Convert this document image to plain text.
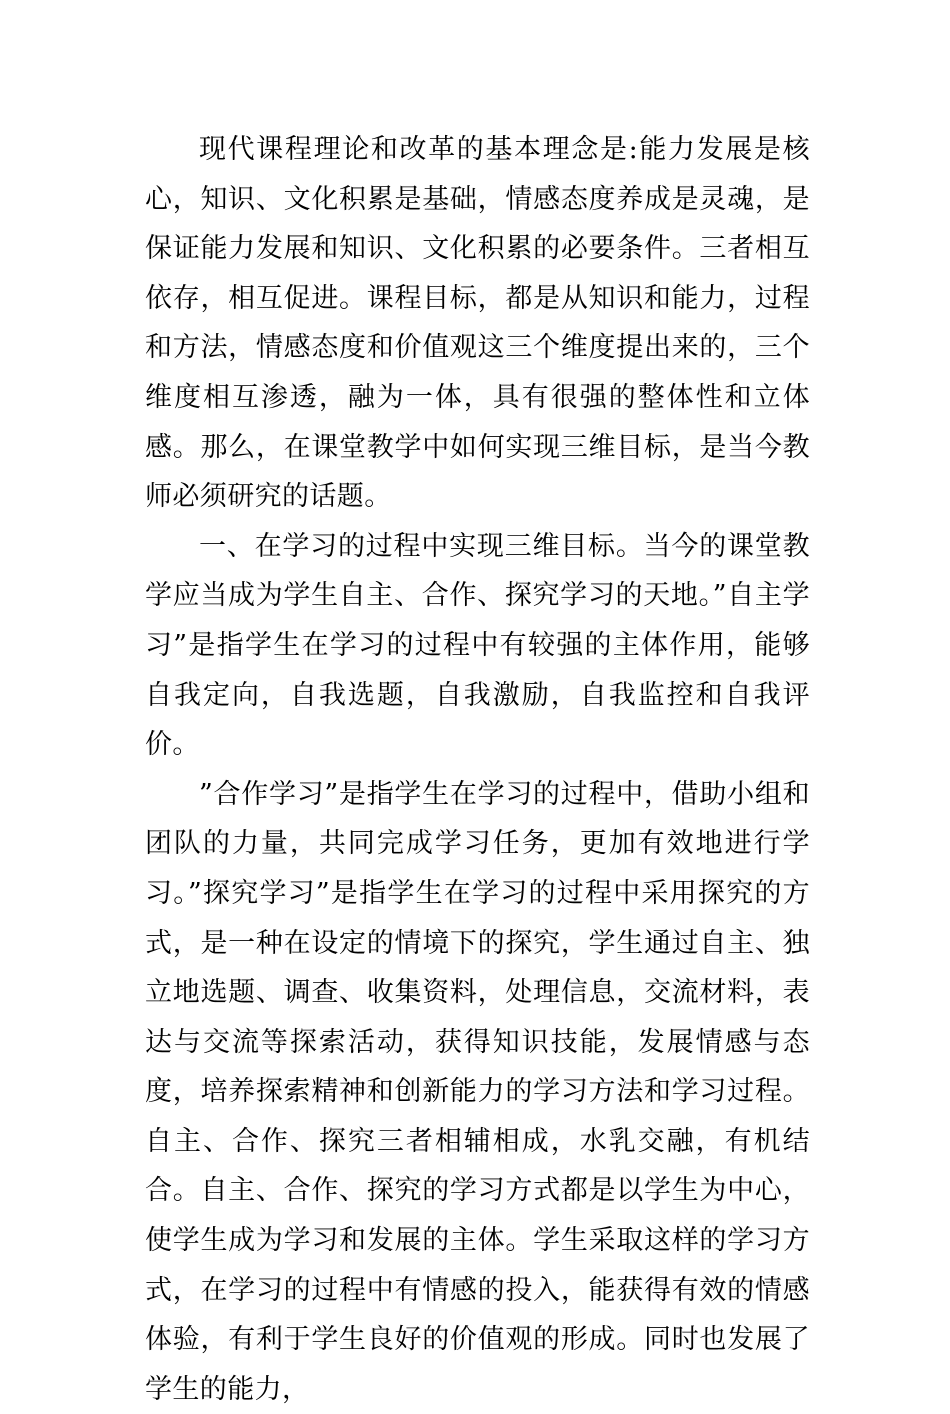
现代课程理论和改革的基本理念是:能力发展是核心，知识、文化积累是基础，情感态度养成是灵魂，是保证能力发展和知识、文化积累的必要条件。三者相互依存，相互促进。课程目标，都是从知识和能力，过程和方法，情感态度和价值观这三个维度提出来的，三个维度相互渗透，融为一体，具有很强的整体性和立体感。那么，在课堂教学中如何实现三维目标，是当今教师必须研究的话题。

一、在学习的过程中实现三维目标。当今的课堂教学应当成为学生自主、合作、探究学习的天地。”自主学习”是指学生在学习的过程中有较强的主体作用，能够自我定向，自我选题，自我激励，自我监控和自我评价。

”合作学习”是指学生在学习的过程中，借助小组和团队的力量，共同完成学习任务，更加有效地进行学习。”探究学习”是指学生在学习的过程中采用探究的方式，是一种在设定的情境下的探究，学生通过自主、独立地选题、调查、收集资料，处理信息，交流材料，表达与交流等探索活动，获得知识技能，发展情感与态度，培养探索精神和创新能力的学习方法和学习过程。自主、合作、探究三者相辅相成，水乳交融，有机结合。自主、合作、探究的学习方式都是以学生为中心，使学生成为学习和发展的主体。学生采取这样的学习方式，在学习的过程中有情感的投入，能获得有效的情感体验，有利于学生良好的价值观的形成。同时也发展了学生的能力，
